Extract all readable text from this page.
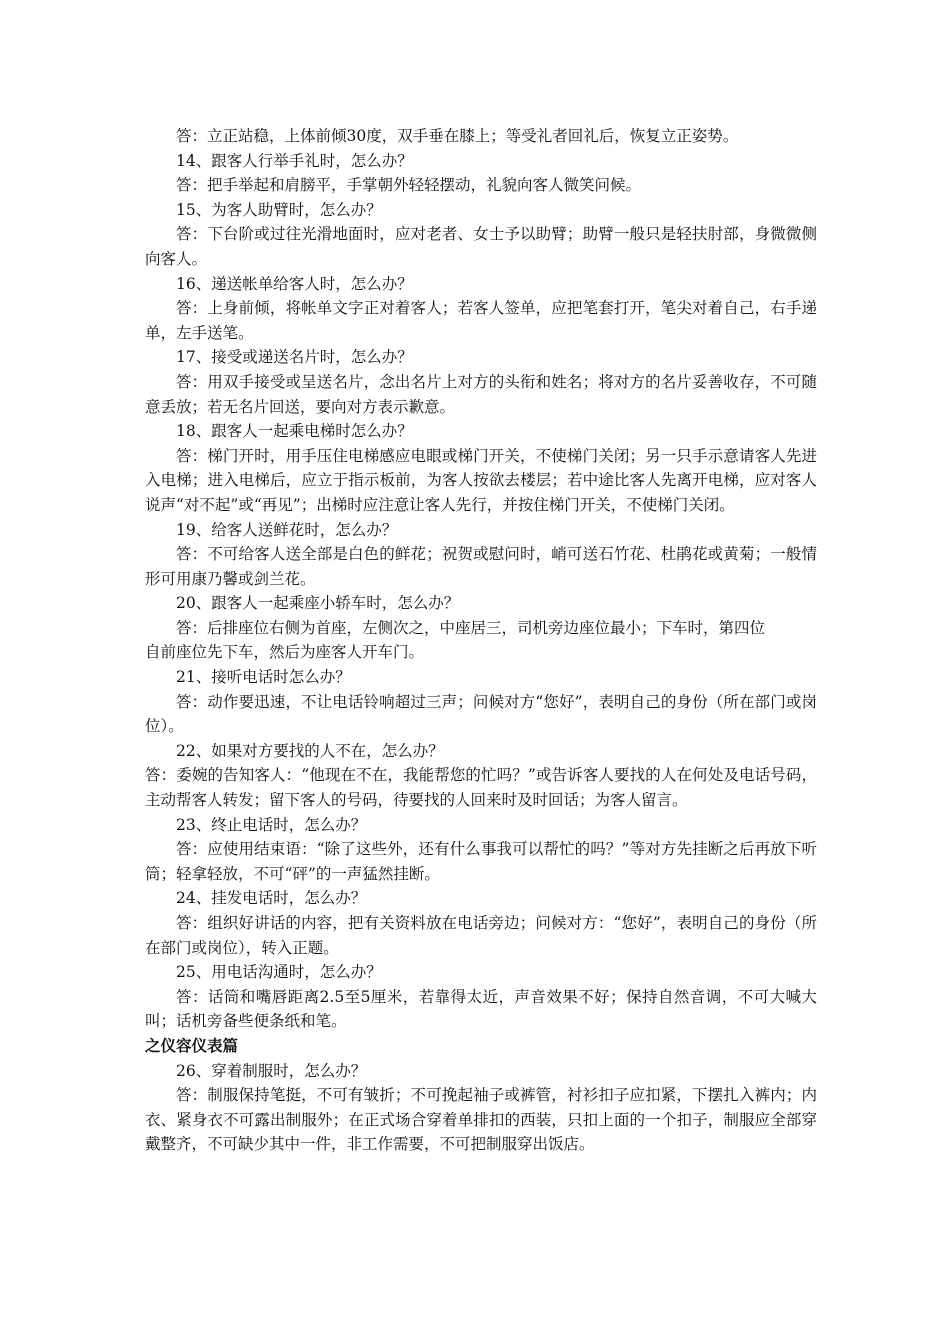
答：立正站稳，上体前倾30度，双手垂在膝上；等受礼者回礼后，恢复立正姿势。

14、跟客人行举手礼时，怎么办？

答：把手举起和肩膀平，手掌朝外轻轻摆动，礼貌向客人微笑问候。

15、为客人助臂时，怎么办？

答：下台阶或过往光滑地面时，应对老者、女士予以助臂；助臂一般只是轻扶肘部，身微微侧向客人。

16、递送帐单给客人时，怎么办？

答：上身前倾，将帐单文字正对着客人；若客人签单，应把笔套打开，笔尖对着自己，右手递单，左手送笔。

17、接受或递送名片时，怎么办？

答：用双手接受或呈送名片，念出名片上对方的头衔和姓名；将对方的名片妥善收存，不可随意丢放；若无名片回送，要向对方表示歉意。

18、跟客人一起乘电梯时怎么办？

答：梯门开时，用手压住电梯感应电眼或梯门开关，不使梯门关闭；另一只手示意请客人先进入电梯；进入电梯后，应立于指示板前，为客人按欲去楼层；若中途比客人先离开电梯，应对客人说声“对不起”或“再见”；出梯时应注意让客人先行，并按住梯门开关，不使梯门关闭。

19、给客人送鲜花时，怎么办？

答：不可给客人送全部是白色的鲜花；祝贺或慰问时，峭可送石竹花、杜鹃花或黄菊；一般情形可用康乃馨或剑兰花。

20、跟客人一起乘座小轿车时，怎么办？

答：后排座位右侧为首座，左侧次之，中座居三，司机旁边座位最小；下车时，第四位

自前座位先下车，然后为座客人开车门。

21、接听电话时怎么办？

答：动作要迅速，不让电话铃响超过三声；问候对方“您好”，表明自己的身份（所在部门或岗位）。

22、如果对方要找的人不在，怎么办？

答：委婉的告知客人：“他现在不在，我能帮您的忙吗？”或告诉客人要找的人在何处及电话号码，主动帮客人转发；留下客人的号码，待要找的人回来时及时回话；为客人留言。

23、终止电话时，怎么办？

答：应使用结束语：“除了这些外，还有什么事我可以帮忙的吗？”等对方先挂断之后再放下听筒；轻拿轻放，不可“砰”的一声猛然挂断。

24、挂发电话时，怎么办？

答：组织好讲话的内容，把有关资料放在电话旁边；问候对方：“您好”，表明自己的身份（所在部门或岗位），转入正题。

25、用电话沟通时，怎么办？

答：话筒和嘴唇距离2.5至5厘米，若靠得太近，声音效果不好；保持自然音调，不可大喊大叫；话机旁备些便条纸和笔。

之仪容仪表篇

26、穿着制服时，怎么办？

答：制服保持笔挺，不可有皱折；不可挽起袖子或裤管，衬衫扣子应扣紧，下摆扎入裤内；内衣、紧身衣不可露出制服外；在正式场合穿着单排扣的西装，只扣上面的一个扣子，制服应全部穿戴整齐，不可缺少其中一件，非工作需要，不可把制服穿出饭店。
